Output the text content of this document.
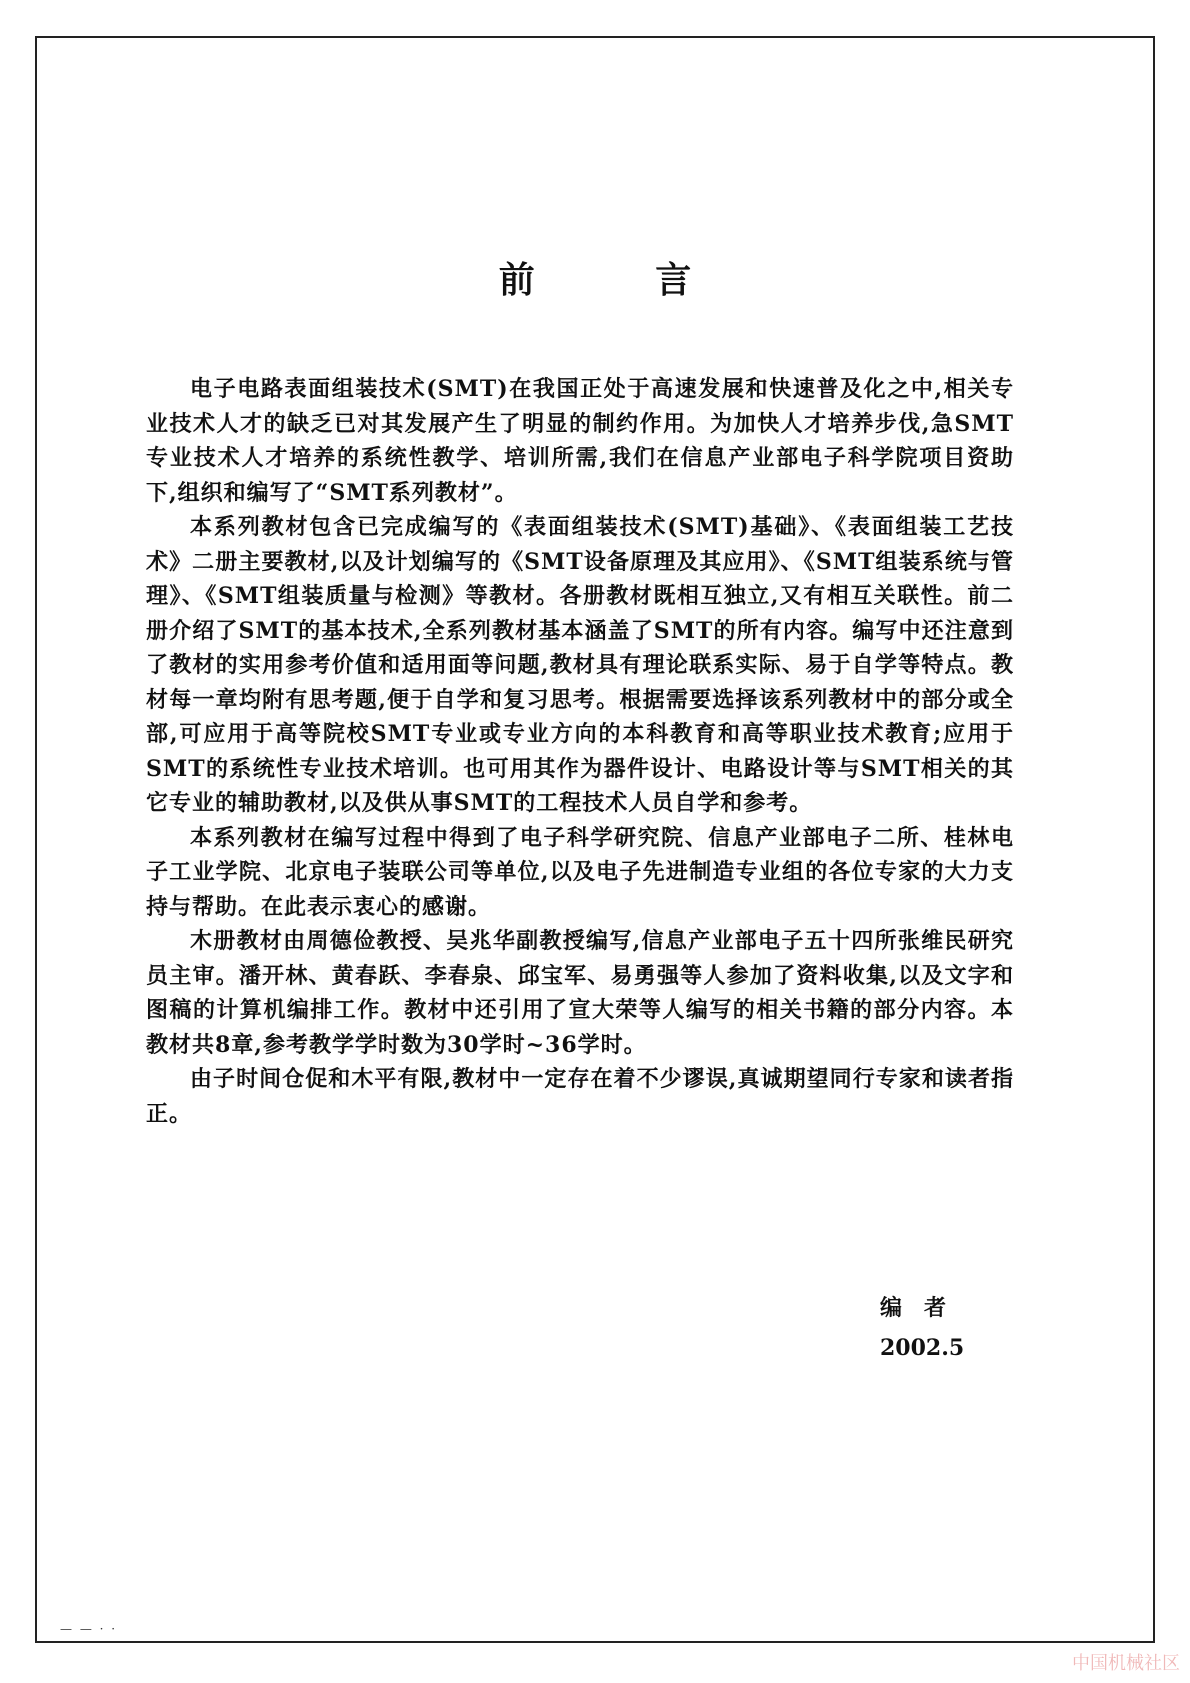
前 言

电子电路表面组装技术(SMT)在我国正处于高速发展和快速普及化之中,相关专业技术人才的缺乏已对其发展产生了明显的制约作用。为加快人才培养步伐,急SMT专业技术人才培养的系统性教学、培训所需,我们在信息产业部电子科学院项目资助下,组织和编写了“SMT系列教材”。

本系列教材包含已完成编写的《表面组装技术(SMT)基础》、《表面组装工艺技术》二册主要教材,以及计划编写的《SMT设备原理及其应用》、《SMT组装系统与管理》、《SMT组装质量与检测》等教材。各册教材既相互独立,又有相互关联性。前二册介绍了SMT的基本技术,全系列教材基本涵盖了SMT的所有内容。编写中还注意到了教材的实用参考价值和适用面等问题,教材具有理论联系实际、易于自学等特点。教材每一章均附有思考题,便于自学和复习思考。根据需要选择该系列教材中的部分或全部,可应用于高等院校SMT专业或专业方向的本科教育和高等职业技术教育;应用于SMT的系统性专业技术培训。也可用其作为器件设计、电路设计等与SMT相关的其它专业的辅助教材,以及供从事SMT的工程技术人员自学和参考。

本系列教材在编写过程中得到了电子科学研究院、信息产业部电子二所、桂林电子工业学院、北京电子装联公司等单位,以及电子先进制造专业组的各位专家的大力支持与帮助。在此表示衷心的感谢。

木册教材由周德俭教授、吴兆华副教授编写,信息产业部电子五十四所张维民研究员主审。潘开林、黄春跃、李春泉、邱宝军、易勇强等人参加了资料收集,以及文字和图稿的计算机编排工作。教材中还引用了宣大荣等人编写的相关书籍的部分内容。本教材共8章,参考教学学时数为30学时~36学时。

由子时间仓促和木平有限,教材中一定存在着不少谬误,真诚期望同行专家和读者指正。

编者
2002.5
— — · ·
中国机械社区
